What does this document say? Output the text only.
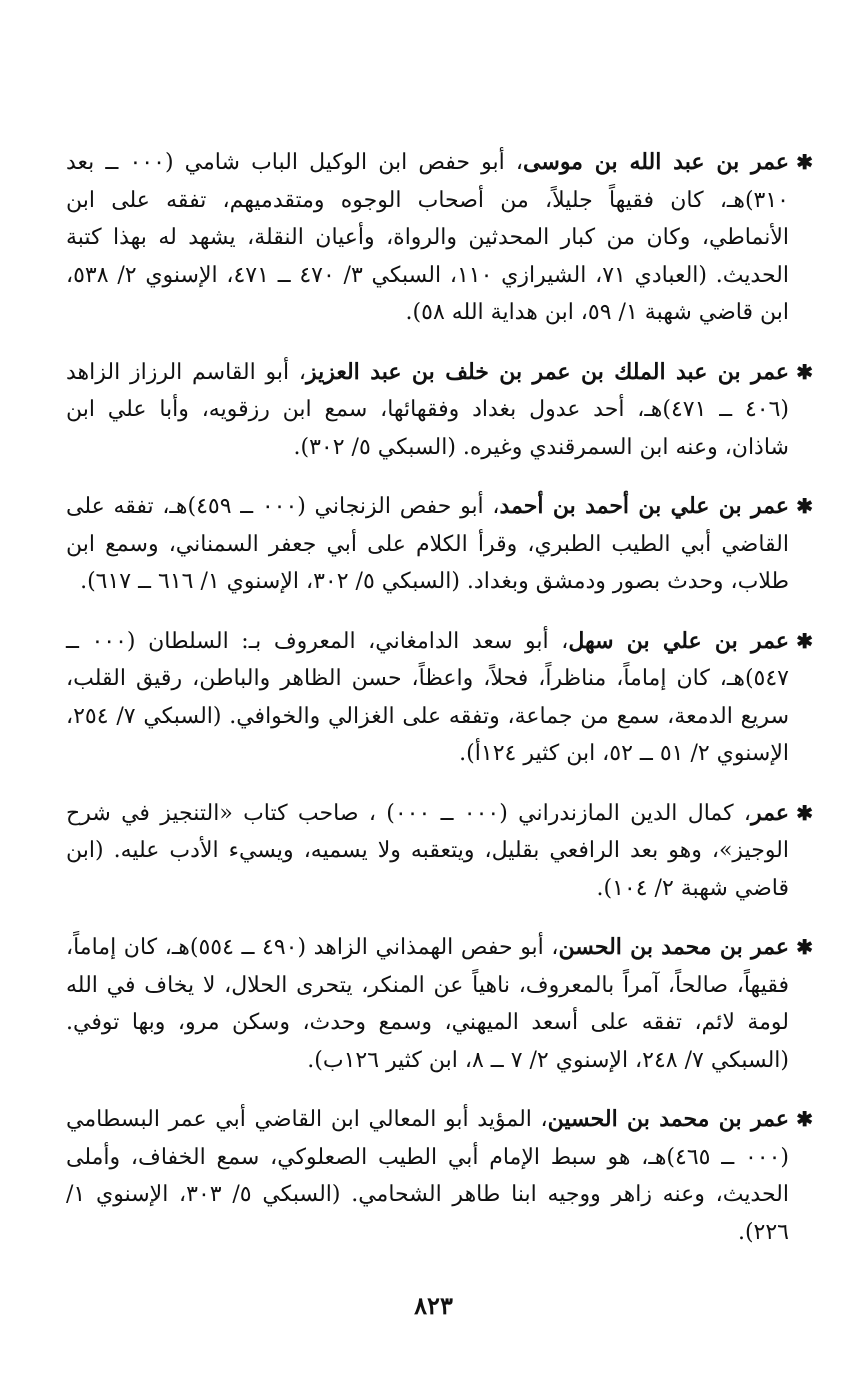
✱
عمر بن عبد الله بن موسى، أبو حفص ابن الوكيل الباب شامي (٠٠٠ ــ بعد ٣١٠)هـ، كان فقيهاً جليلاً، من أصحاب الوجوه ومتقدميهم، تفقه على ابن الأنماطي، وكان من كبار المحدثين والرواة، وأعيان النقلة، يشهد له بهذا كتبة الحديث. (العبادي ٧١، الشيرازي ١١٠، السبكي ٣/ ٤٧٠ ــ ٤٧١، الإسنوي ٢/ ٥٣٨، ابن قاضي شهبة ١/ ٥٩، ابن هداية الله ٥٨).

✱
عمر بن عبد الملك بن عمر بن خلف بن عبد العزيز، أبو القاسم الرزاز الزاهد (٤٠٦ ــ ٤٧١)هـ، أحد عدول بغداد وفقهائها، سمع ابن رزقويه، وأبا علي ابن شاذان، وعنه ابن السمرقندي وغيره. (السبكي ٥/ ٣٠٢).

✱
عمر بن علي بن أحمد بن أحمد، أبو حفص الزنجاني (٠٠٠ ــ ٤٥٩)هـ، تفقه على القاضي أبي الطيب الطبري، وقرأ الكلام على أبي جعفر السمناني، وسمع ابن طلاب، وحدث بصور ودمشق وبغداد. (السبكي ٥/ ٣٠٢، الإسنوي ١/ ٦١٦ ــ ٦١٧).

✱
عمر بن علي بن سهل، أبو سعد الدامغاني، المعروف بـ: السلطان (٠٠٠ ــ ٥٤٧)هـ، كان إماماً، مناظراً، فحلاً، واعظاً، حسن الظاهر والباطن، رقيق القلب، سريع الدمعة، سمع من جماعة، وتفقه على الغزالي والخوافي. (السبكي ٧/ ٢٥٤، الإسنوي ٢/ ٥١ ــ ٥٢، ابن كثير ١٢٤أ).

✱
عمر، كمال الدين المازندراني (٠٠٠ ــ ٠٠٠) ، صاحب كتاب «التنجيز في شرح الوجيز»، وهو بعد الرافعي بقليل، ويتعقبه ولا يسميه، ويسيء الأدب عليه. (ابن قاضي شهبة ٢/ ١٠٤).

✱
عمر بن محمد بن الحسن، أبو حفص الهمذاني الزاهد (٤٩٠ ــ ٥٥٤)هـ، كان إماماً، فقيهاً، صالحاً، آمراً بالمعروف، ناهياً عن المنكر، يتحرى الحلال، لا يخاف في الله لومة لائم، تفقه على أسعد الميهني، وسمع وحدث، وسكن مرو، وبها توفي. (السبكي ٧/ ٢٤٨، الإسنوي ٢/ ٧ ــ ٨، ابن كثير ١٢٦ب).

✱
عمر بن محمد بن الحسين، المؤيد أبو المعالي ابن القاضي أبي عمر البسطامي (٠٠٠ ــ ٤٦٥)هـ، هو سبط الإمام أبي الطيب الصعلوكي، سمع الخفاف، وأملى الحديث، وعنه زاهر ووجيه ابنا طاهر الشحامي. (السبكي ٥/ ٣٠٣، الإسنوي ١/ ٢٢٦).

٨٢٣
